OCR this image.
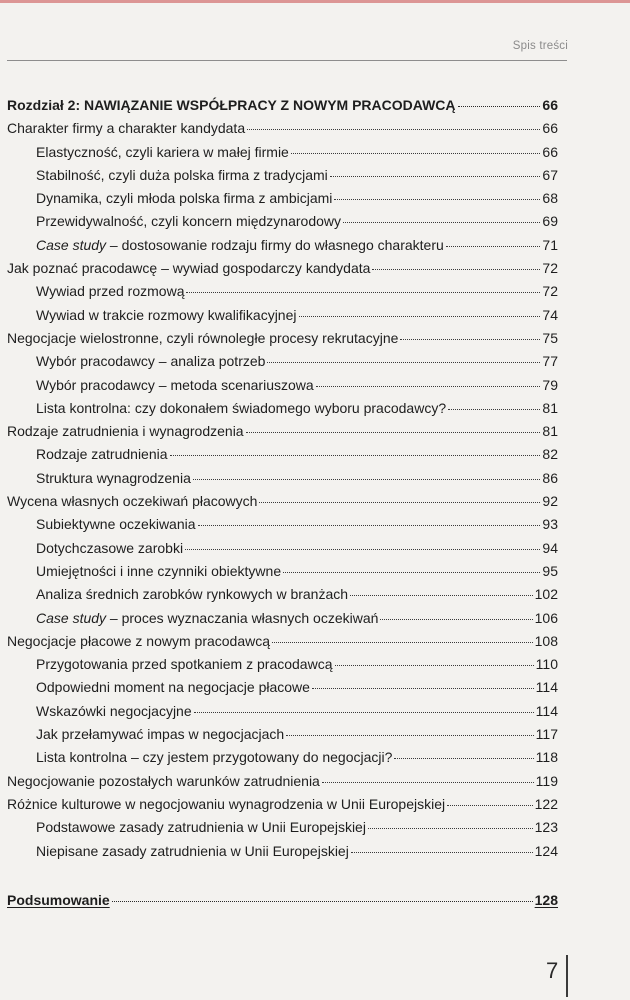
Spis treści
Rozdział 2: NAWIĄZANIE WSPÓŁPRACY Z NOWYM PRACODAWCĄ	66
Charakter firmy a charakter kandydata	66
Elastyczność, czyli kariera w małej firmie	66
Stabilność, czyli duża polska firma z tradycjami	67
Dynamika, czyli młoda polska firma z ambicjami	68
Przewidywalność, czyli koncern międzynarodowy	69
Case study – dostosowanie rodzaju firmy do własnego charakteru	71
Jak poznać pracodawcę – wywiad gospodarczy kandydata	72
Wywiad przed rozmową	72
Wywiad w trakcie rozmowy kwalifikacyjnej	74
Negocjacje wielostronne, czyli równoległe procesy rekrutacyjne	75
Wybór pracodawcy – analiza potrzeb	77
Wybór pracodawcy – metoda scenariuszowa	79
Lista kontrolna: czy dokonałem świadomego wyboru pracodawcy?	81
Rodzaje zatrudnienia i wynagrodzenia	81
Rodzaje zatrudnienia	82
Struktura wynagrodzenia	86
Wycena własnych oczekiwań płacowych	92
Subiektywne oczekiwania	93
Dotychczasowe zarobki	94
Umiejętności i inne czynniki obiektywne	95
Analiza średnich zarobków rynkowych w branżach	102
Case study – proces wyznaczania własnych oczekiwań	106
Negocjacje płacowe z nowym pracodawcą	108
Przygotowania przed spotkaniem z pracodawcą	110
Odpowiedni moment na negocjacje płacowe	114
Wskazówki negocjacyjne	114
Jak przełamywać impas w negocjacjach	117
Lista kontrolna – czy jestem przygotowany do negocjacji?	118
Negocjowanie pozostałych warunków zatrudnienia	119
Różnice kulturowe w negocjowaniu wynagrodzenia w Unii Europejskiej	122
Podstawowe zasady zatrudnienia w Unii Europejskiej	123
Niepisane zasady zatrudnienia w Unii Europejskiej	124
Podsumowanie	128
7
